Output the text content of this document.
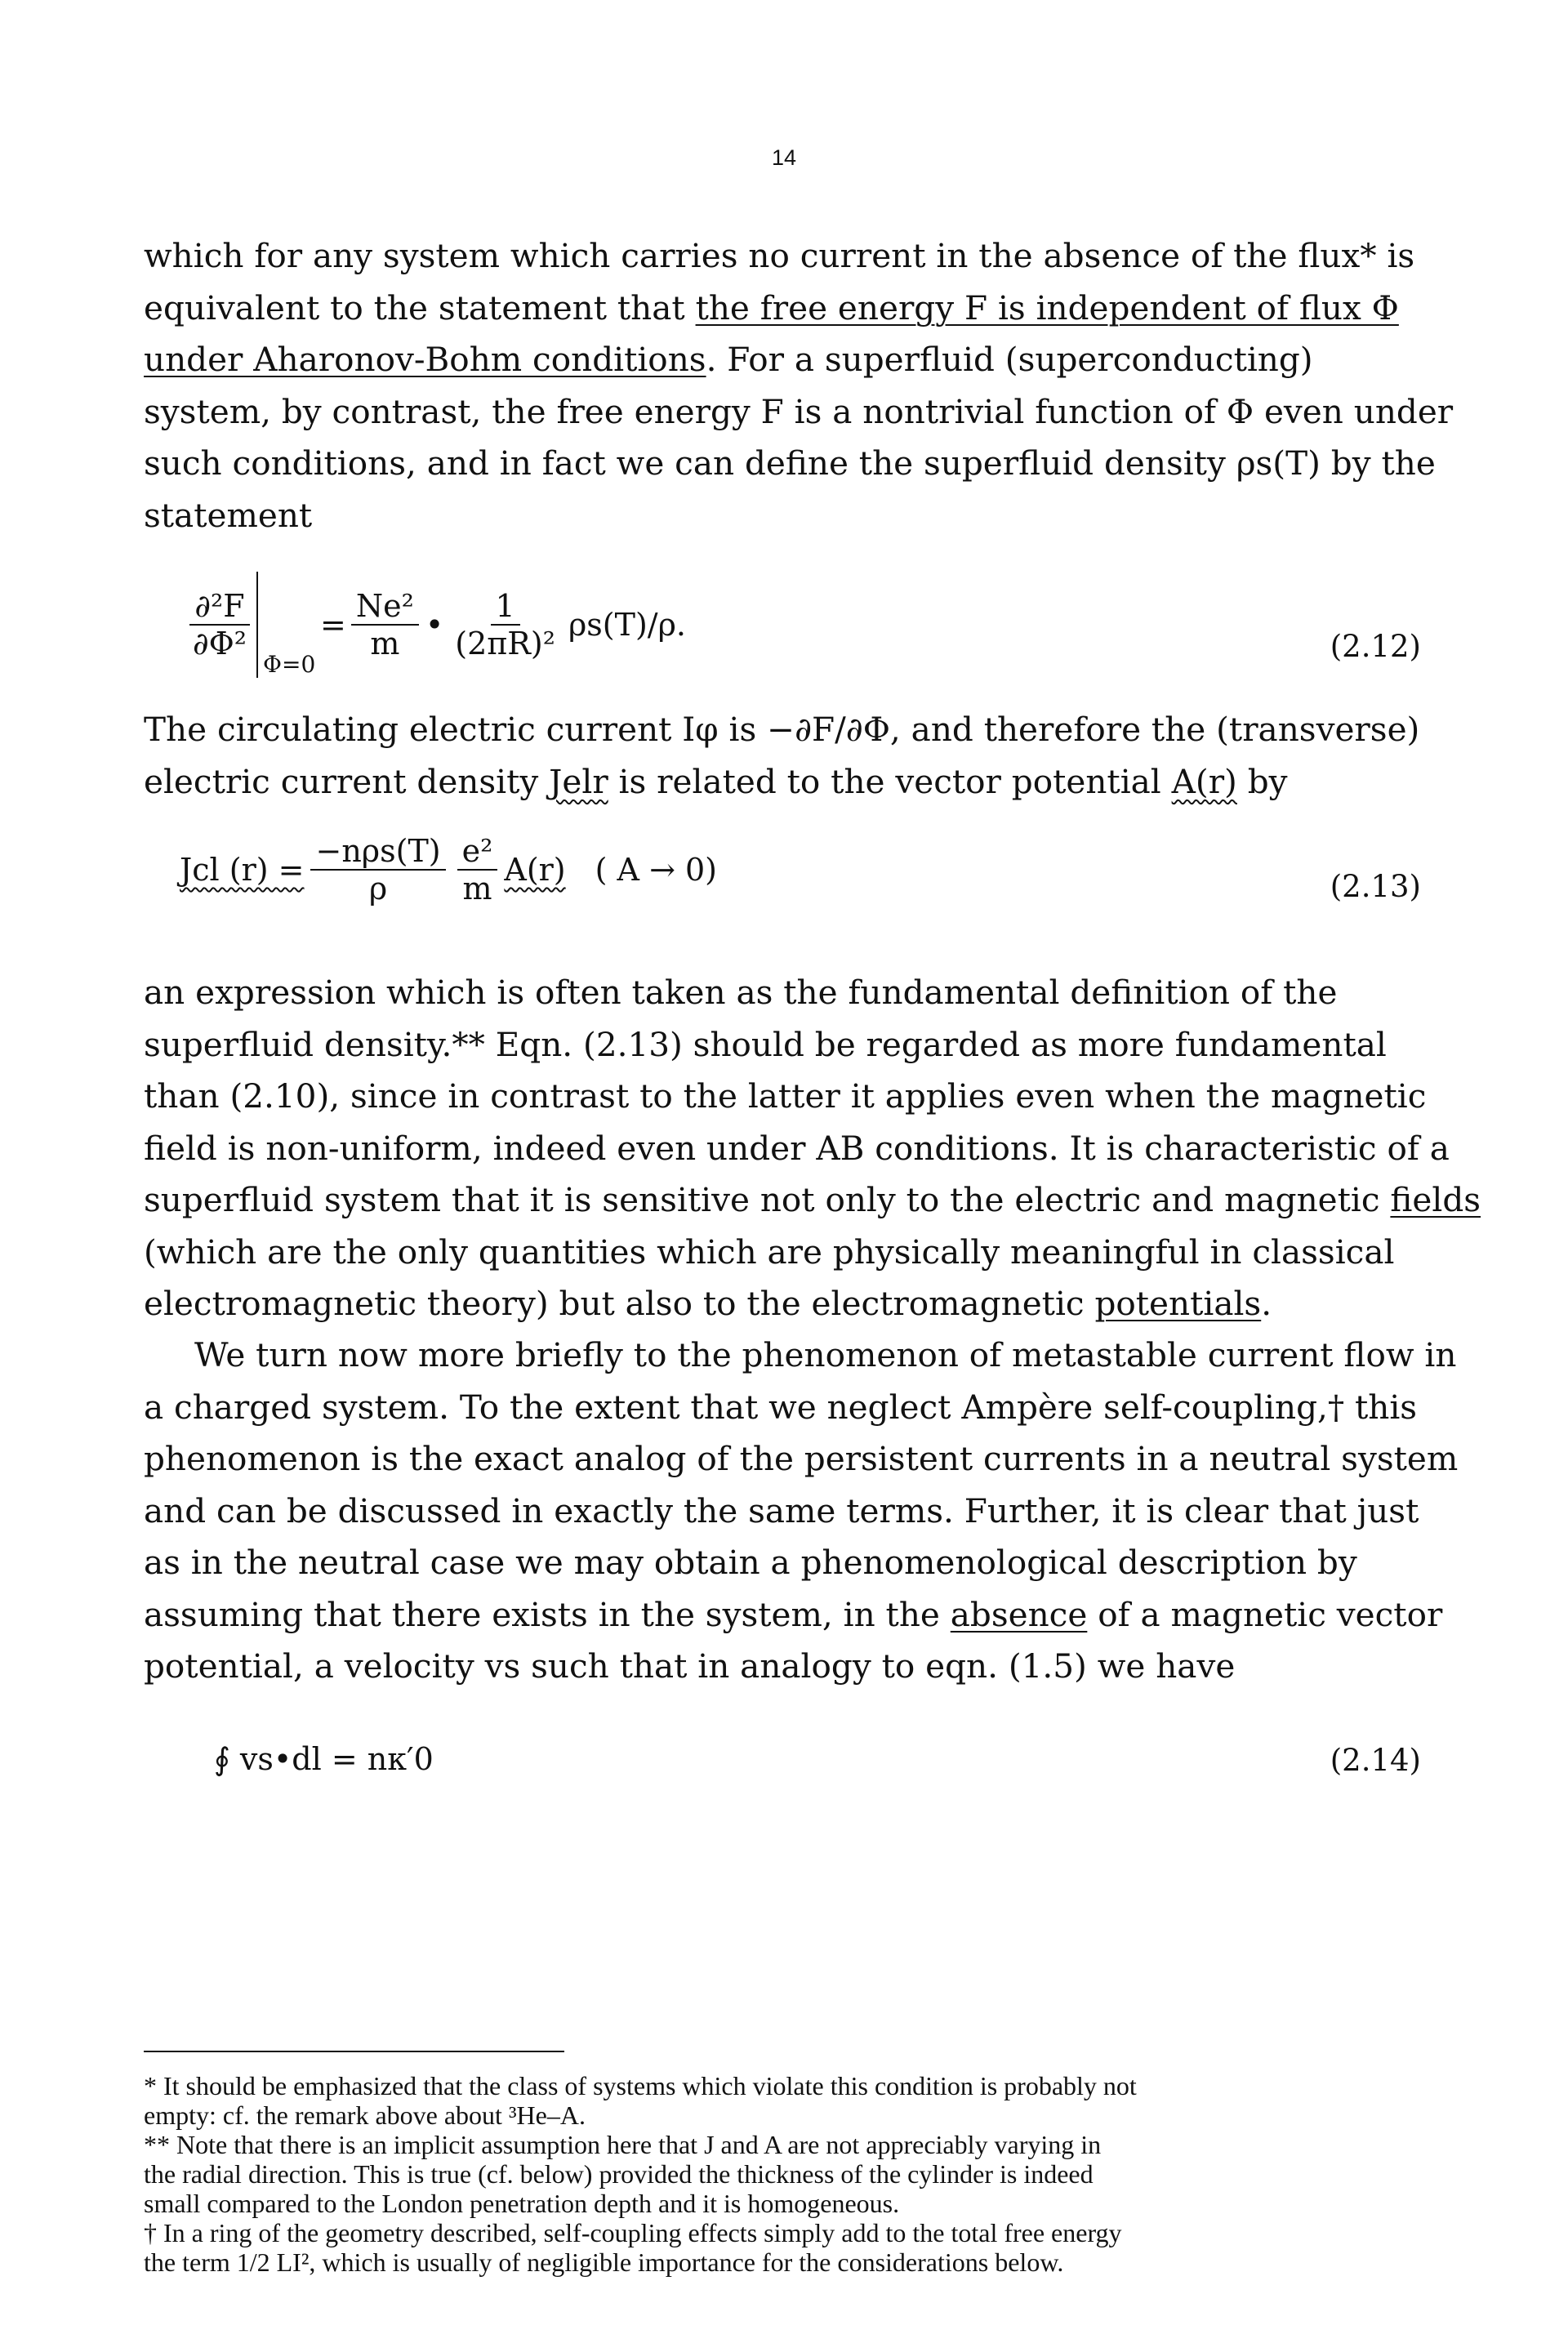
14
which for any system which carries no current in the absence of the flux* is
equivalent to the statement that the free energy F is independent of flux Φ
under Aharonov-Bohm conditions. For a superfluid (superconducting)
system, by contrast, the free energy F is a nontrivial function of Φ even under
such conditions, and in fact we can define the superfluid density ρs(T) by the
statement
$\frac{\text{∂²F}}{\text{∂Φ²}}$
Φ=0
= $\frac{\text{Ne²}}{m}$ • $\frac{1}{\text{(2πR)²}} \rho s(T)/\rho$.
(2.12)
The circulating electric current Iφ is −∂F/∂Φ, and therefore the (transverse)
electric current density Jelr is related to the vector potential A(r) by
Jcl $(r) = \frac{\text{−nρs(T)}}{\rho} \frac{\text{e²}}{m} A(r)$ ( A → 0)	(2.13)
an expression which is often taken as the fundamental definition of the
superfluid density.** Eqn. (2.13) should be regarded as more fundamental
than (2.10), since in contrast to the latter it applies even when the magnetic
field is non-uniform, indeed even under AB conditions. It is characteristic of a
superfluid system that it is sensitive not only to the electric and magnetic fields
(which are the only quantities which are physically meaningful in classical
electromagnetic theory) but also to the electromagnetic potentials.
We turn now more briefly to the phenomenon of metastable current flow in
a charged system. To the extent that we neglect Ampère self-coupling,† this
phenomenon is the exact analog of the persistent currents in a neutral system
and can be discussed in exactly the same terms. Further, it is clear that just
as in the neutral case we may obtain a phenomenological description by
assuming that there exists in the system, in the absence of a magnetic vector
potential, a velocity vs such that in analogy to eqn. (1.5) we have
∮ vs•dl = nκ′0	(2.14)
* It should be emphasized that the class of systems which violate this condition is probably not
empty: cf. the remark above about ³He–A.
** Note that there is an implicit assumption here that J and A are not appreciably varying in
the radial direction. This is true (cf. below) provided the thickness of the cylinder is indeed
small compared to the London penetration depth and it is homogeneous.
† In a ring of the geometry described, self-coupling effects simply add to the total free energy
the term 1/2 LI², which is usually of negligible importance for the considerations below.
